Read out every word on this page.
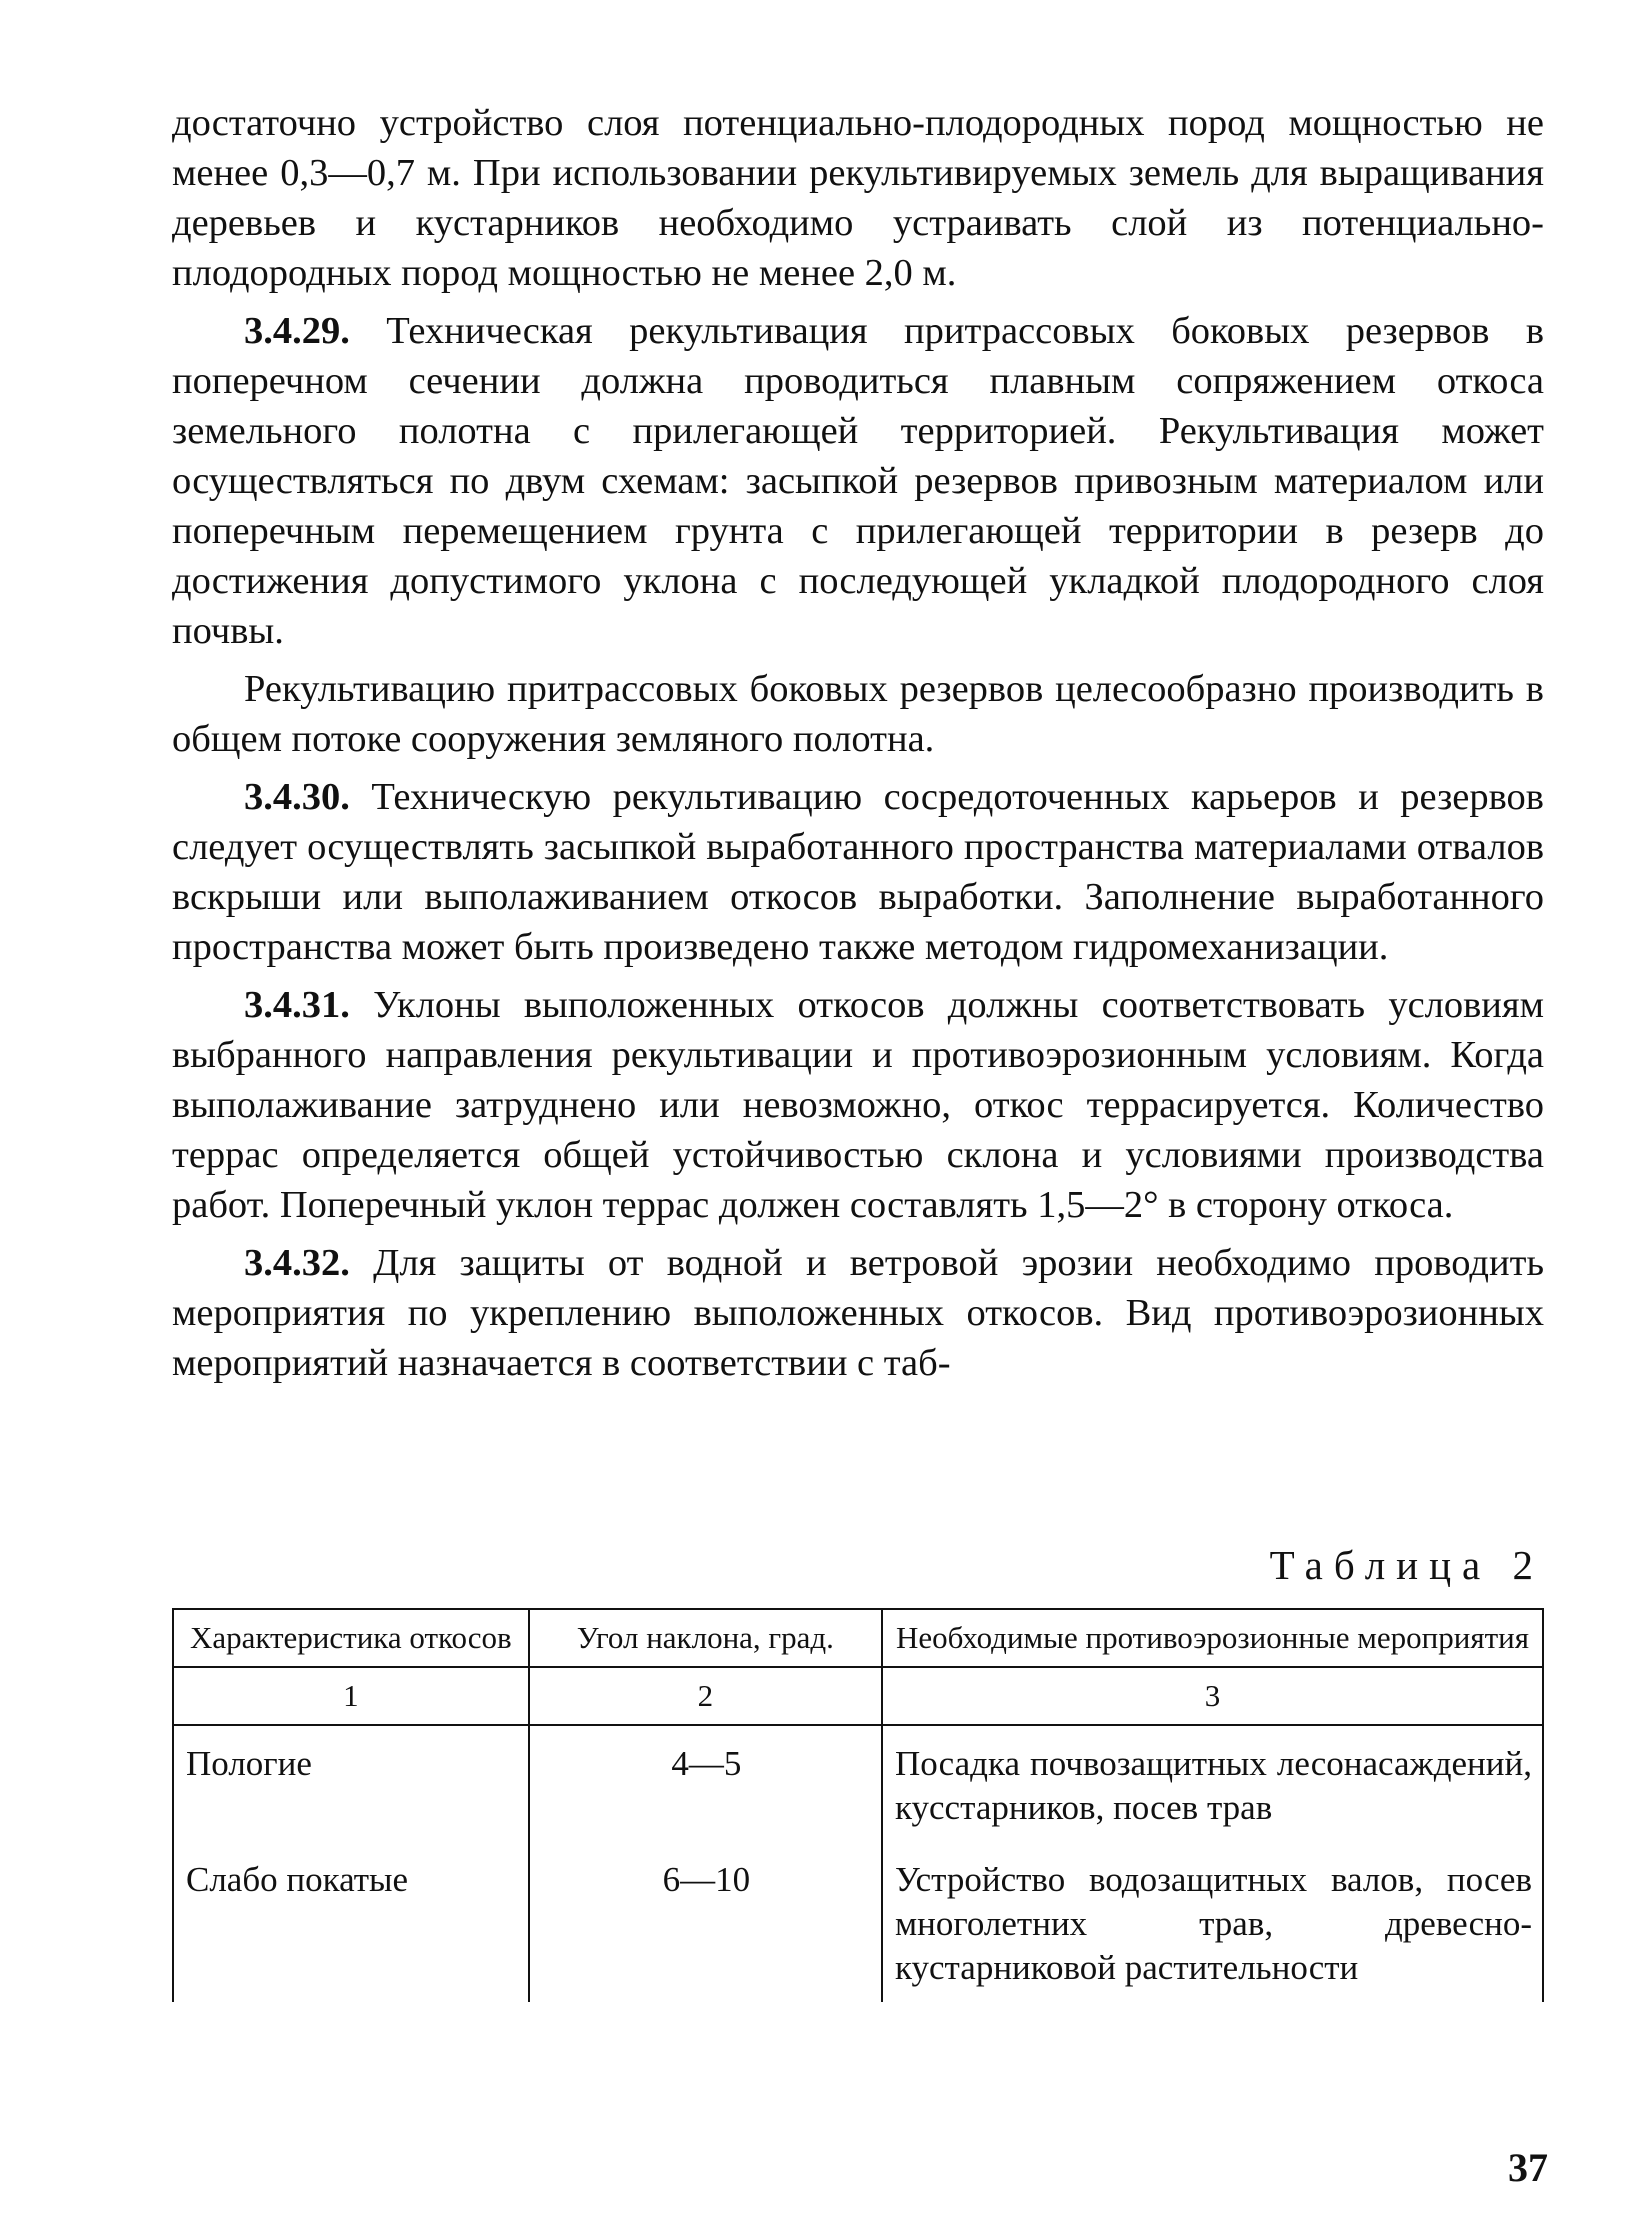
достаточно устройство слоя потенциально-плодородных пород мощностью не менее 0,3—0,7 м. При использовании рекультивируемых земель для выращивания деревьев и кустарников необходимо устраивать слой из потенциально-плодородных пород мощностью не менее 2,0 м.

3.4.29. Техническая рекультивация притрассовых боковых резервов в поперечном сечении должна проводиться плавным сопряжением откоса земельного полотна с прилегающей территорией. Рекультивация может осуществляться по двум схемам: засыпкой резервов привозным материалом или поперечным перемещением грунта с прилегающей территории в резерв до достижения допустимого уклона с последующей укладкой плодородного слоя почвы.

Рекультивацию притрассовых боковых резервов целесообразно производить в общем потоке сооружения земляного полотна.

3.4.30. Техническую рекультивацию сосредоточенных карьеров и резервов следует осуществлять засыпкой выработанного пространства материалами отвалов вскрыши или выполаживанием откосов выработки. Заполнение выработанного пространства может быть произведено также методом гидромеханизации.

3.4.31. Уклоны выположенных откосов должны соответствовать условиям выбранного направления рекультивации и противоэрозионным условиям. Когда выполаживание затруднено или невозможно, откос террасируется. Количество террас определяется общей устойчивостью склона и условиями производства работ. Поперечный уклон террас должен составлять 1,5—2° в сторону откоса.

3.4.32. Для защиты от водной и ветровой эрозии необходимо проводить мероприятия по укреплению выположенных откосов. Вид противоэрозионных мероприятий назначается в соответствии с таб-

Таблица 2
Характеристика откосов	Угол наклона, град.	Необходимые противоэрозионные мероприятия
1	2	3
Пологие	4—5	Посадка почвозащитных лесонасаждений, кусстарников, посев трав
Слабо покатые	6—10	Устройство водозащитных валов, посев многолетних трав, древесно-кустарниковой растительности
37
